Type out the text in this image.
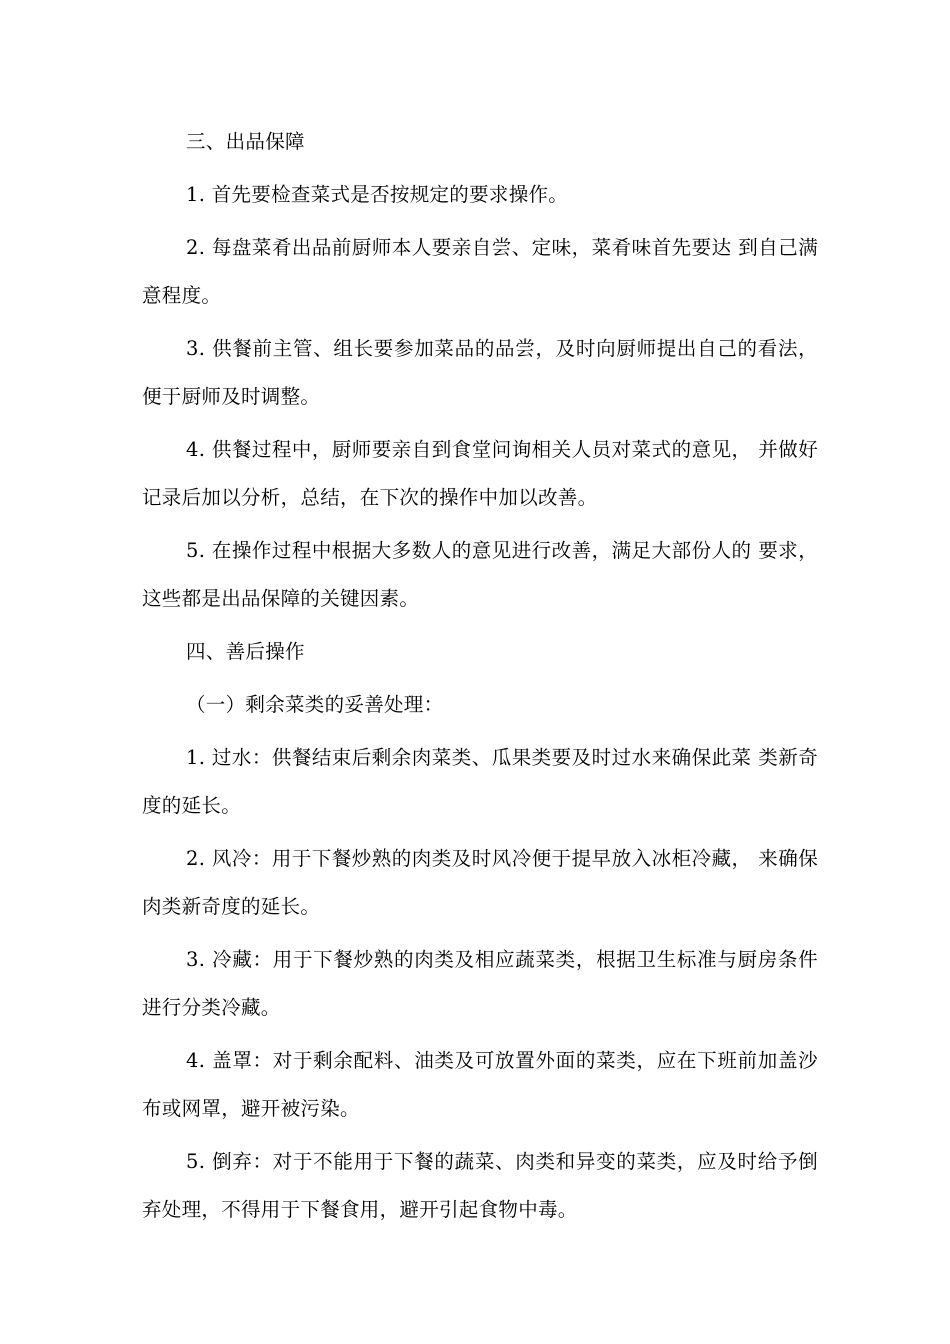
三、出品保障

1. 首先要检查菜式是否按规定的要求操作。

2. 每盘菜肴出品前厨师本人要亲自尝、定味，菜肴味首先要达 到自己满意程度。

3. 供餐前主管、组长要参加菜品的品尝，及时向厨师提出自己的看法，便于厨师及时调整。

4. 供餐过程中，厨师要亲自到食堂问询相关人员对菜式的意见， 并做好记录后加以分析，总结，在下次的操作中加以改善。

5. 在操作过程中根据大多数人的意见进行改善，满足大部份人的 要求，这些都是出品保障的关键因素。

四、善后操作

（一）剩余菜类的妥善处理：

1. 过水：供餐结束后剩余肉菜类、瓜果类要及时过水来确保此菜 类新奇度的延长。

2. 风冷：用于下餐炒熟的肉类及时风冷便于提早放入冰柜冷藏， 来确保肉类新奇度的延长。

3. 冷藏：用于下餐炒熟的肉类及相应蔬菜类，根据卫生标准与厨房条件进行分类冷藏。

4. 盖罩：对于剩余配料、油类及可放置外面的菜类，应在下班前加盖沙布或网罩，避开被污染。

5. 倒弃：对于不能用于下餐的蔬菜、肉类和异变的菜类，应及时给予倒弃处理，不得用于下餐食用，避开引起食物中毒。
